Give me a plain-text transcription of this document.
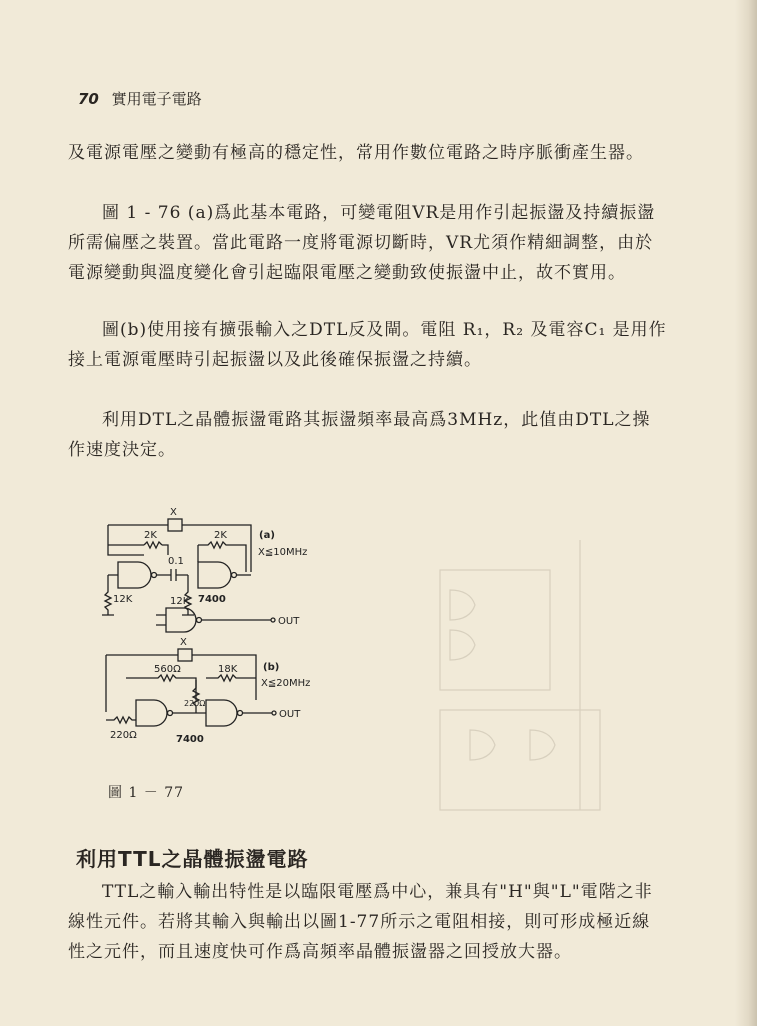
70 實用電子電路
及電源電壓之變動有極高的穩定性，常用作數位電路之時序脈衝產生器。
圖 1 - 76 (a)爲此基本電路，可變電阻VR是用作引起振盪及持續振盪所需偏壓之裝置。當此電路一度將電源切斷時，VR尤須作精細調整，由於電源變動與溫度變化會引起臨限電壓之變動致使振盪中止，故不實用。
圖(b)使用接有擴張輸入之DTL反及閘。電阻 R₁，R₂ 及電容C₁ 是用作接上電源電壓時引起振盪以及此後確保振盪之持續。
利用DTL之晶體振盪電路其振盪頻率最高爲3MHz，此值由DTL之操作速度決定。
X
2K	2K	(a)
X≦10MHz
0.1
12K	12K 7400
OUT
X
560Ω	18K	(b)
X≦20MHz
220Ω
220Ω	7400
OUT
圖 1 － 77
利用TTL之晶體振盪電路
TTL之輸入輸出特性是以臨限電壓爲中心，兼具有"H"與"L"電階之非線性元件。若將其輸入與輸出以圖1-77所示之電阻相接，則可形成極近線性之元件，而且速度快可作爲高頻率晶體振盪器之回授放大器。
